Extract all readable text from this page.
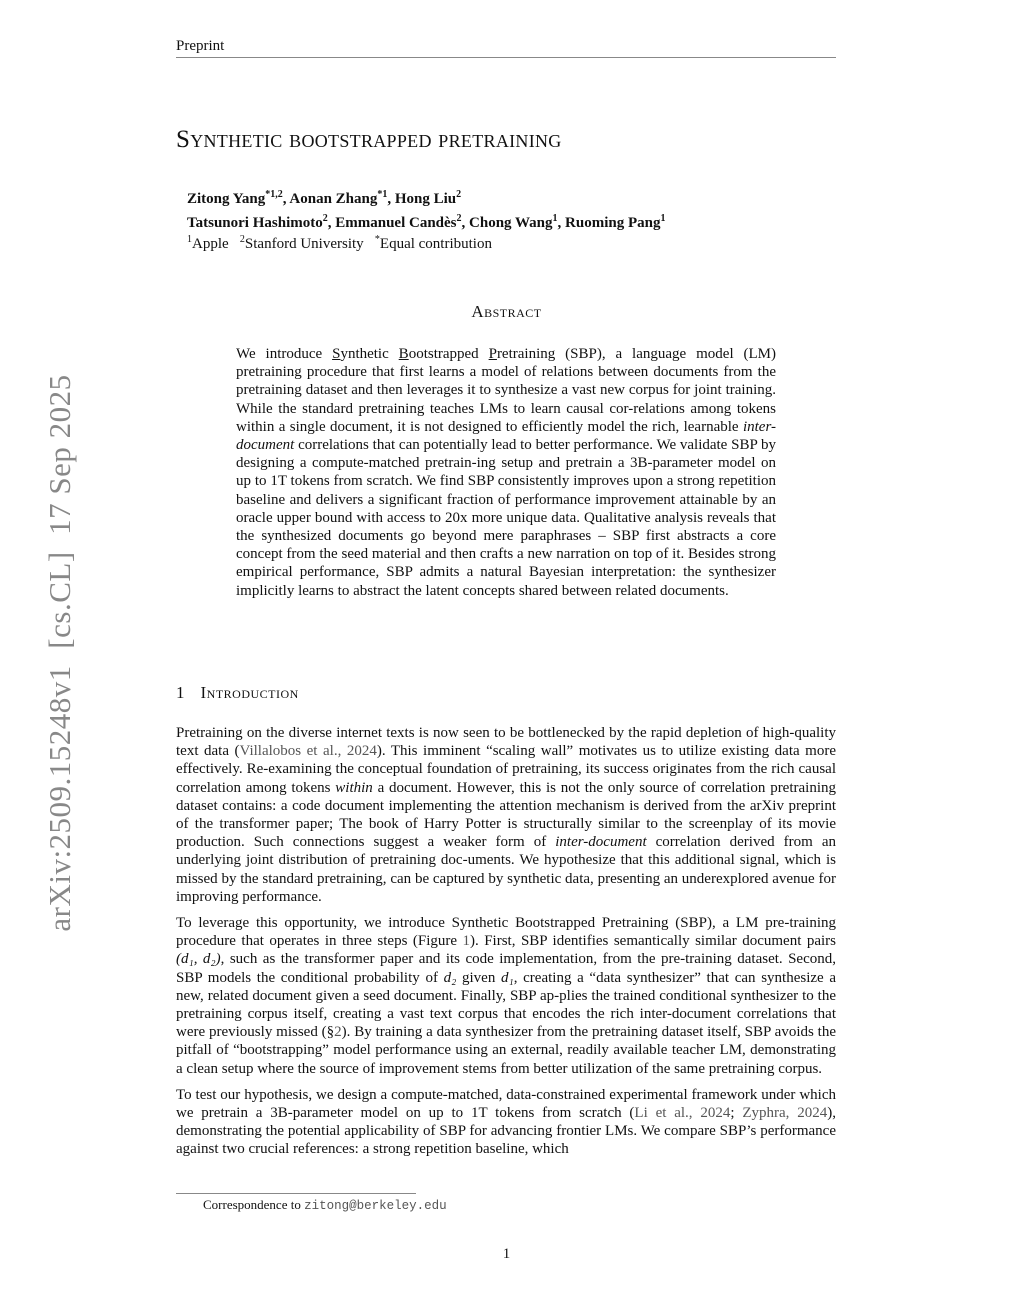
Preprint
arXiv:2509.15248v1  [cs.CL]  17 Sep 2025
Synthetic bootstrapped pretraining
Zitong Yang$^{*1,2}$, Aonan Zhang$^{*1}$, Hong Liu$^2$
Tatsunori Hashimoto$^2$, Emmanuel Candès$^2$, Chong Wang$^1$, Ruoming Pang$^1$
$^1$Apple $^2$Stanford University *Equal contribution
Abstract
We introduce Synthetic Bootstrapped Pretraining (SBP), a language model (LM) pretraining procedure that first learns a model of relations between documents from the pretraining dataset and then leverages it to synthesize a vast new corpus for joint training. While the standard pretraining teaches LMs to learn causal cor-relations among tokens within a single document, it is not designed to efficiently model the rich, learnable inter-document correlations that can potentially lead to better performance. We validate SBP by designing a compute-matched pretrain-ing setup and pretrain a 3B-parameter model on up to 1T tokens from scratch. We find SBP consistently improves upon a strong repetition baseline and delivers a significant fraction of performance improvement attainable by an oracle upper bound with access to 20x more unique data. Qualitative analysis reveals that the synthesized documents go beyond mere paraphrases – SBP first abstracts a core concept from the seed material and then crafts a new narration on top of it. Besides strong empirical performance, SBP admits a natural Bayesian interpretation: the synthesizer implicitly learns to abstract the latent concepts shared between related documents.
1 Introduction

Pretraining on the diverse internet texts is now seen to be bottlenecked by the rapid depletion of high-quality text data (Villalobos et al., 2024). This imminent “scaling wall” motivates us to utilize existing data more effectively. Re-examining the conceptual foundation of pretraining, its success originates from the rich causal correlation among tokens within a document. However, this is not the only source of correlation pretraining dataset contains: a code document implementing the attention mechanism is derived from the arXiv preprint of the transformer paper; The book of Harry Potter is structurally similar to the screenplay of its movie production. Such connections suggest a weaker form of inter-document correlation derived from an underlying joint distribution of pretraining doc-uments. We hypothesize that this additional signal, which is missed by the standard pretraining, can be captured by synthetic data, presenting an underexplored avenue for improving performance.

To leverage this opportunity, we introduce Synthetic Bootstrapped Pretraining (SBP), a LM pre-training procedure that operates in three steps (Figure 1). First, SBP identifies semantically similar document pairs (d₁, d₂), such as the transformer paper and its code implementation, from the pre-training dataset. Second, SBP models the conditional probability of d₂ given d₁, creating a “data synthesizer” that can synthesize a new, related document given a seed document. Finally, SBP ap-plies the trained conditional synthesizer to the pretraining corpus itself, creating a vast text corpus that encodes the rich inter-document correlations that were previously missed (§2). By training a data synthesizer from the pretraining dataset itself, SBP avoids the pitfall of “bootstrapping” model performance using an external, readily available teacher LM, demonstrating a clean setup where the source of improvement stems from better utilization of the same pretraining corpus.

To test our hypothesis, we design a compute-matched, data-constrained experimental framework under which we pretrain a 3B-parameter model on up to 1T tokens from scratch (Li et al., 2024; Zyphra, 2024), demonstrating the potential applicability of SBP for advancing frontier LMs. We compare SBP’s performance against two crucial references: a strong repetition baseline, which

Correspondence to zitong@berkeley.edu
1
